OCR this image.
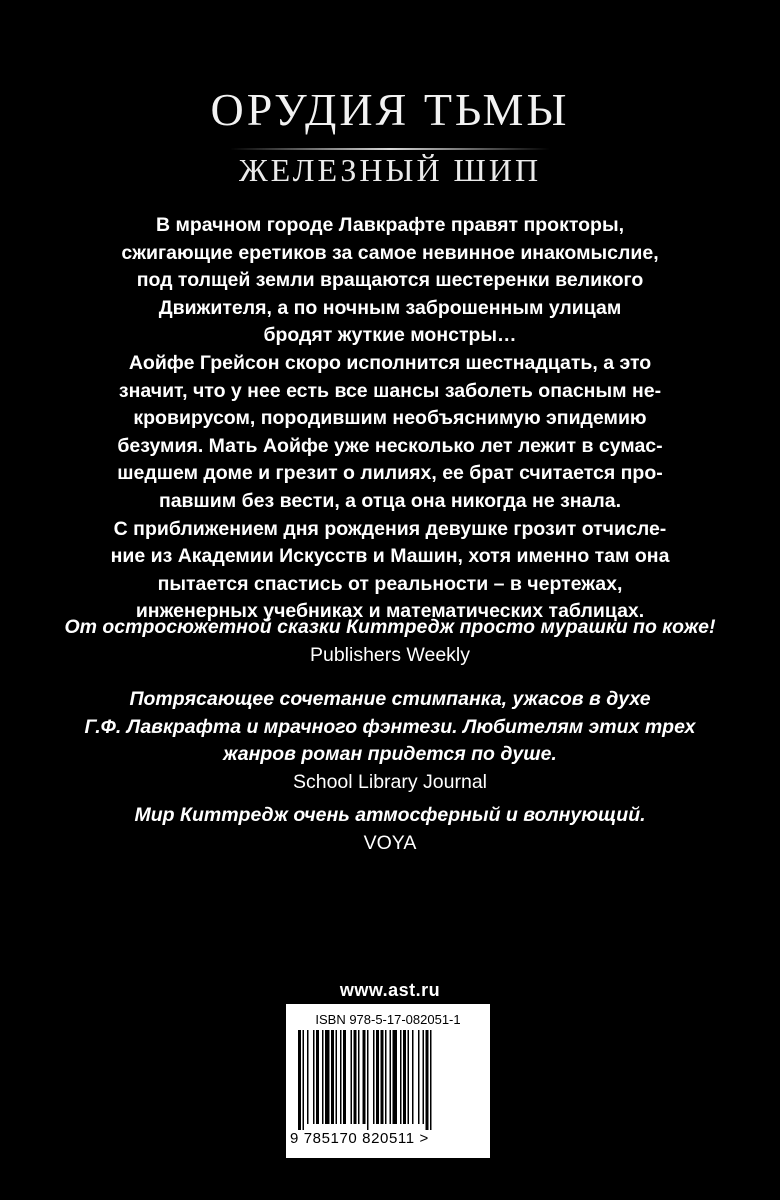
ОРУДИЯ ТЬМЫ
ЖЕЛЕЗНЫЙ ШИП
В мрачном городе Лавкрафте правят прокторы,
сжигающие еретиков за самое невинное инакомыслие,
под толщей земли вращаются шестеренки великого
Движителя, а по ночным заброшенным улицам
бродят жуткие монстры…
Аойфе Грейсон скоро исполнится шестнадцать, а это
значит, что у нее есть все шансы заболеть опасным не-
кровирусом, породившим необъяснимую эпидемию
безумия. Мать Аойфе уже несколько лет лежит в сумас-
шедшем доме и грезит о лилиях, ее брат считается про-
павшим без вести, а отца она никогда не знала.
С приближением дня рождения девушке грозит отчисле-
ние из Академии Искусств и Машин, хотя именно там она
пытается спастись от реальности – в чертежах,
инженерных учебниках и математических таблицах.
От остросюжетной сказки Киттредж просто мурашки по коже!
Publishers Weekly
Потрясающее сочетание стимпанка, ужасов в духе
Г.Ф. Лавкрафта и мрачного фэнтези. Любителям этих трех
жанров роман придется по душе.
School Library Journal
Мир Киттредж очень атмосферный и волнующий.
VOYA
www.ast.ru
ISBN 978-5-17-082051-1
9 785170 820511 >
